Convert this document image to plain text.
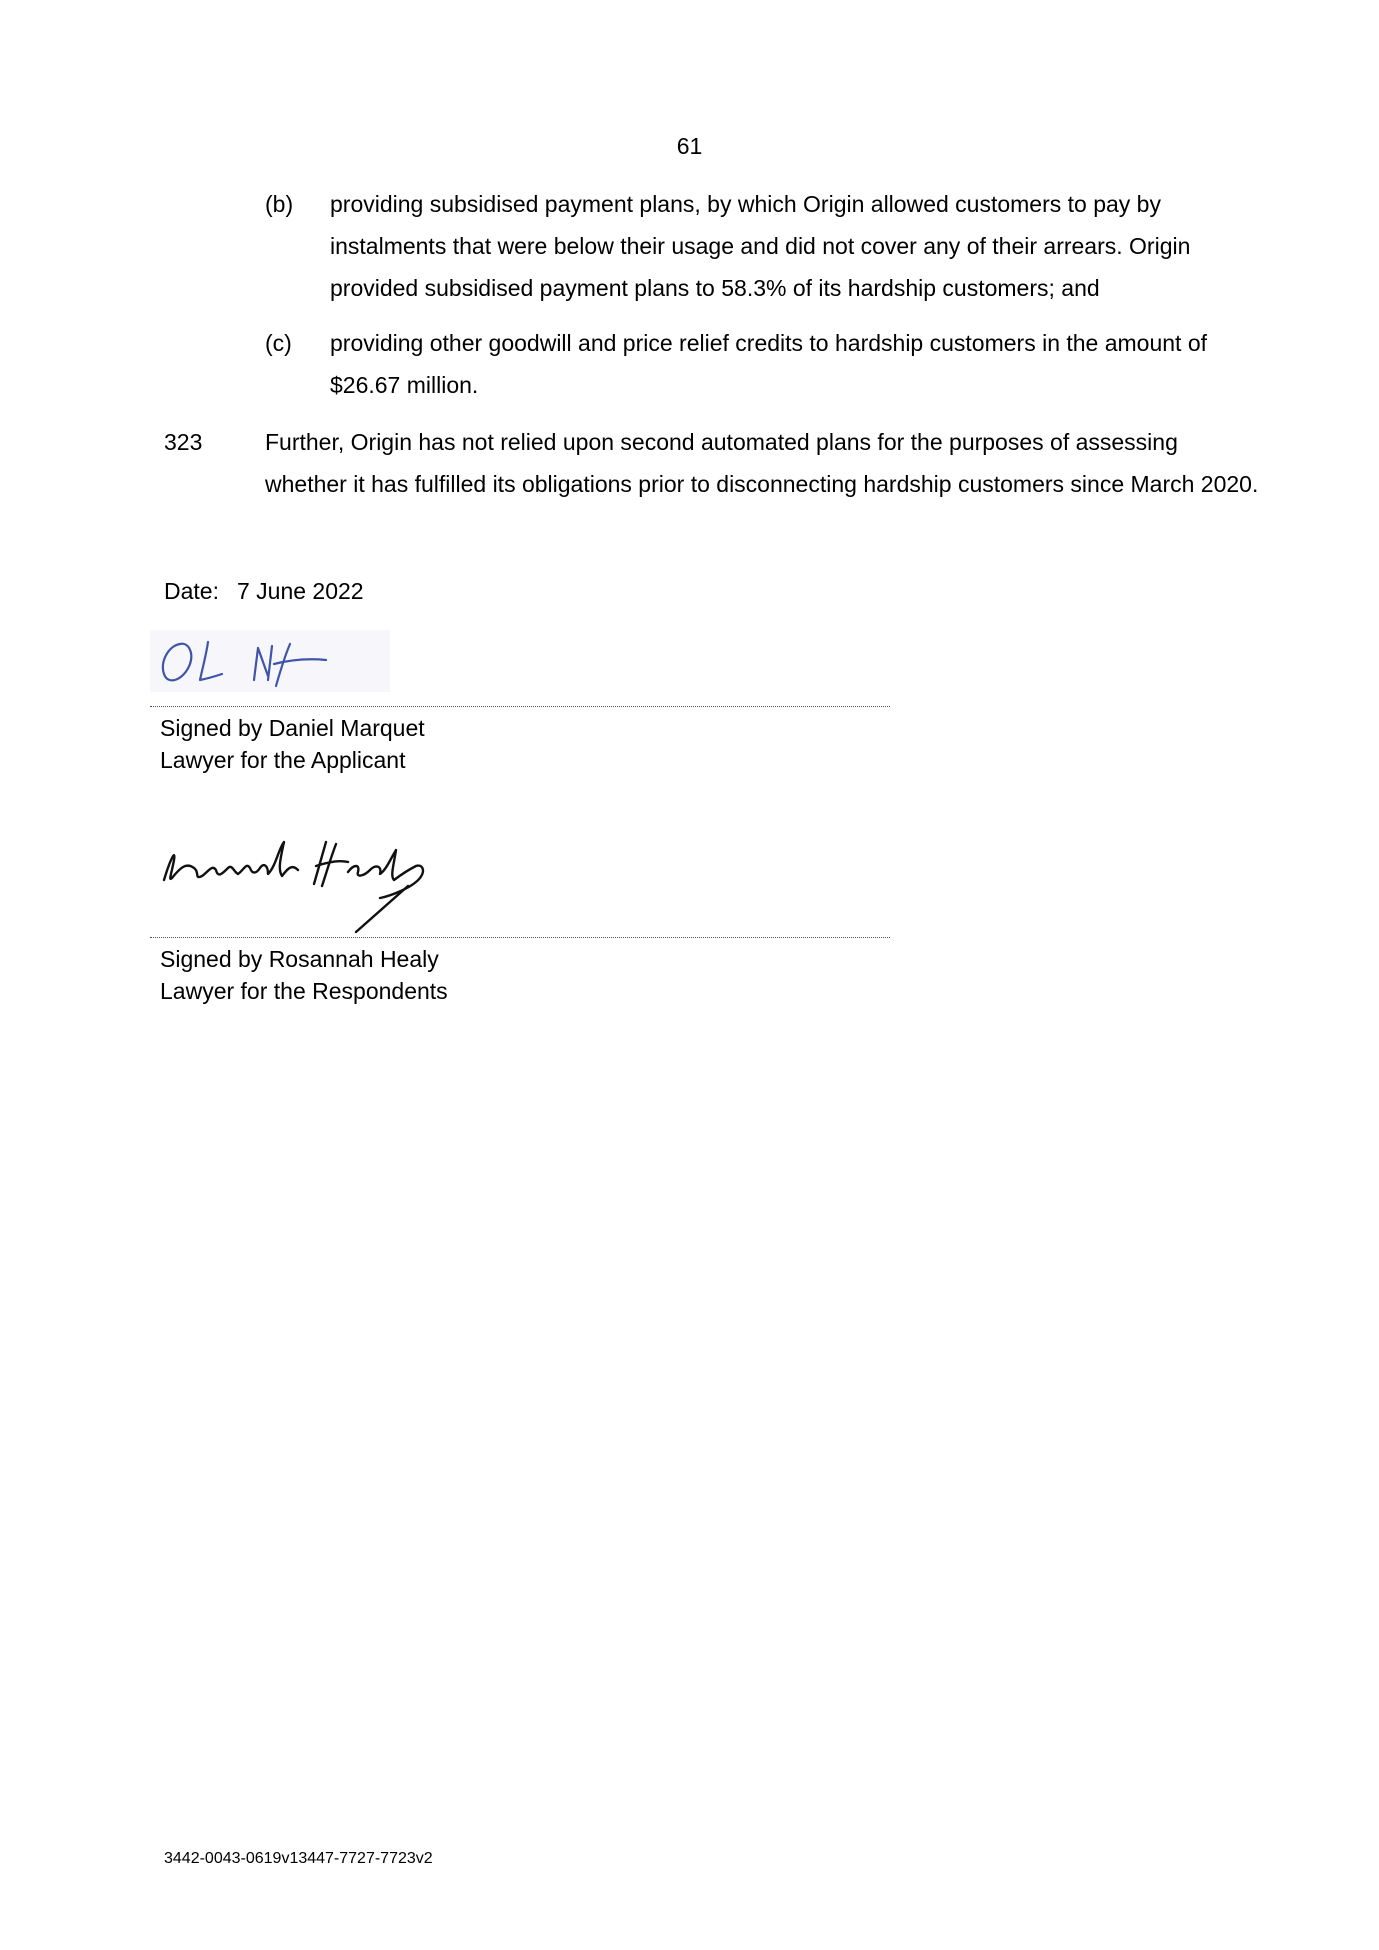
61
(b) providing subsidised payment plans, by which Origin allowed customers to pay by instalments that were below their usage and did not cover any of their arrears. Origin provided subsidised payment plans to 58.3% of its hardship customers; and
(c) providing other goodwill and price relief credits to hardship customers in the amount of $26.67 million.
323	Further, Origin has not relied upon second automated plans for the purposes of assessing whether it has fulfilled its obligations prior to disconnecting hardship customers since March 2020.
Date: 7 June 2022
Signed by Daniel Marquet
Lawyer for the Applicant
Signed by Rosannah Healy
Lawyer for the Respondents
3442-0043-0619v13447-7727-7723v2
